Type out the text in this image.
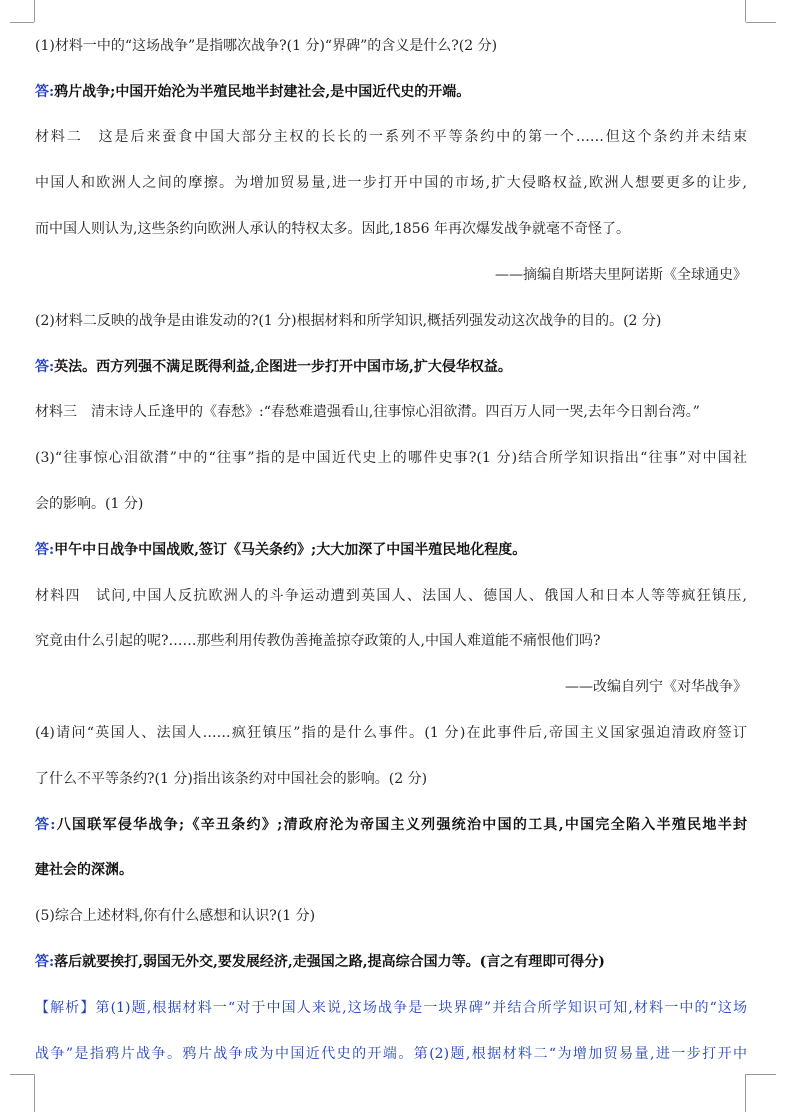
(1)材料一中的“这场战争”是指哪次战争?(1 分)“界碑”的含义是什么?(2 分)
答:鸦片战争;中国开始沦为半殖民地半封建社会,是中国近代史的开端。
材料二　这是后来蚕食中国大部分主权的长长的一系列不平等条约中的第一个……但这个条约并未结束
中国人和欧洲人之间的摩擦。为增加贸易量,进一步打开中国的市场,扩大侵略权益,欧洲人想要更多的让步,
而中国人则认为,这些条约向欧洲人承认的特权太多。因此,1856 年再次爆发战争就毫不奇怪了。
——摘编自斯塔夫里阿诺斯《全球通史》
(2)材料二反映的战争是由谁发动的?(1 分)根据材料和所学知识,概括列强发动这次战争的目的。(2 分)
答:英法。西方列强不满足既得利益,企图进一步打开中国市场,扩大侵华权益。
材料三　清末诗人丘逢甲的《春愁》:“春愁难遣强看山,往事惊心泪欲潸。四百万人同一哭,去年今日割台湾。”
(3)“往事惊心泪欲潸”中的“往事”指的是中国近代史上的哪件史事?(1 分)结合所学知识指出“往事”对中国社
会的影响。(1 分)
答:甲午中日战争中国战败,签订《马关条约》;大大加深了中国半殖民地化程度。
材料四　试问,中国人反抗欧洲人的斗争运动遭到英国人、法国人、德国人、俄国人和日本人等等疯狂镇压,
究竟由什么引起的呢?……那些利用传教伪善掩盖掠夺政策的人,中国人难道能不痛恨他们吗?
——改编自列宁《对华战争》
(4)请问“英国人、法国人……疯狂镇压”指的是什么事件。(1 分)在此事件后,帝国主义国家强迫清政府签订
了什么不平等条约?(1 分)指出该条约对中国社会的影响。(2 分)
答:八国联军侵华战争;《辛丑条约》;清政府沦为帝国主义列强统治中国的工具,中国完全陷入半殖民地半封
建社会的深渊。
(5)综合上述材料,你有什么感想和认识?(1 分)
答:落后就要挨打,弱国无外交,要发展经济,走强国之路,提高综合国力等。(言之有理即可得分)
【解析】第(1)题,根据材料一“对于中国人来说,这场战争是一块界碑”并结合所学知识可知,材料一中的“这场
战争”是指鸦片战争。鸦片战争成为中国近代史的开端。第(2)题,根据材料二“为增加贸易量,进一步打开中
